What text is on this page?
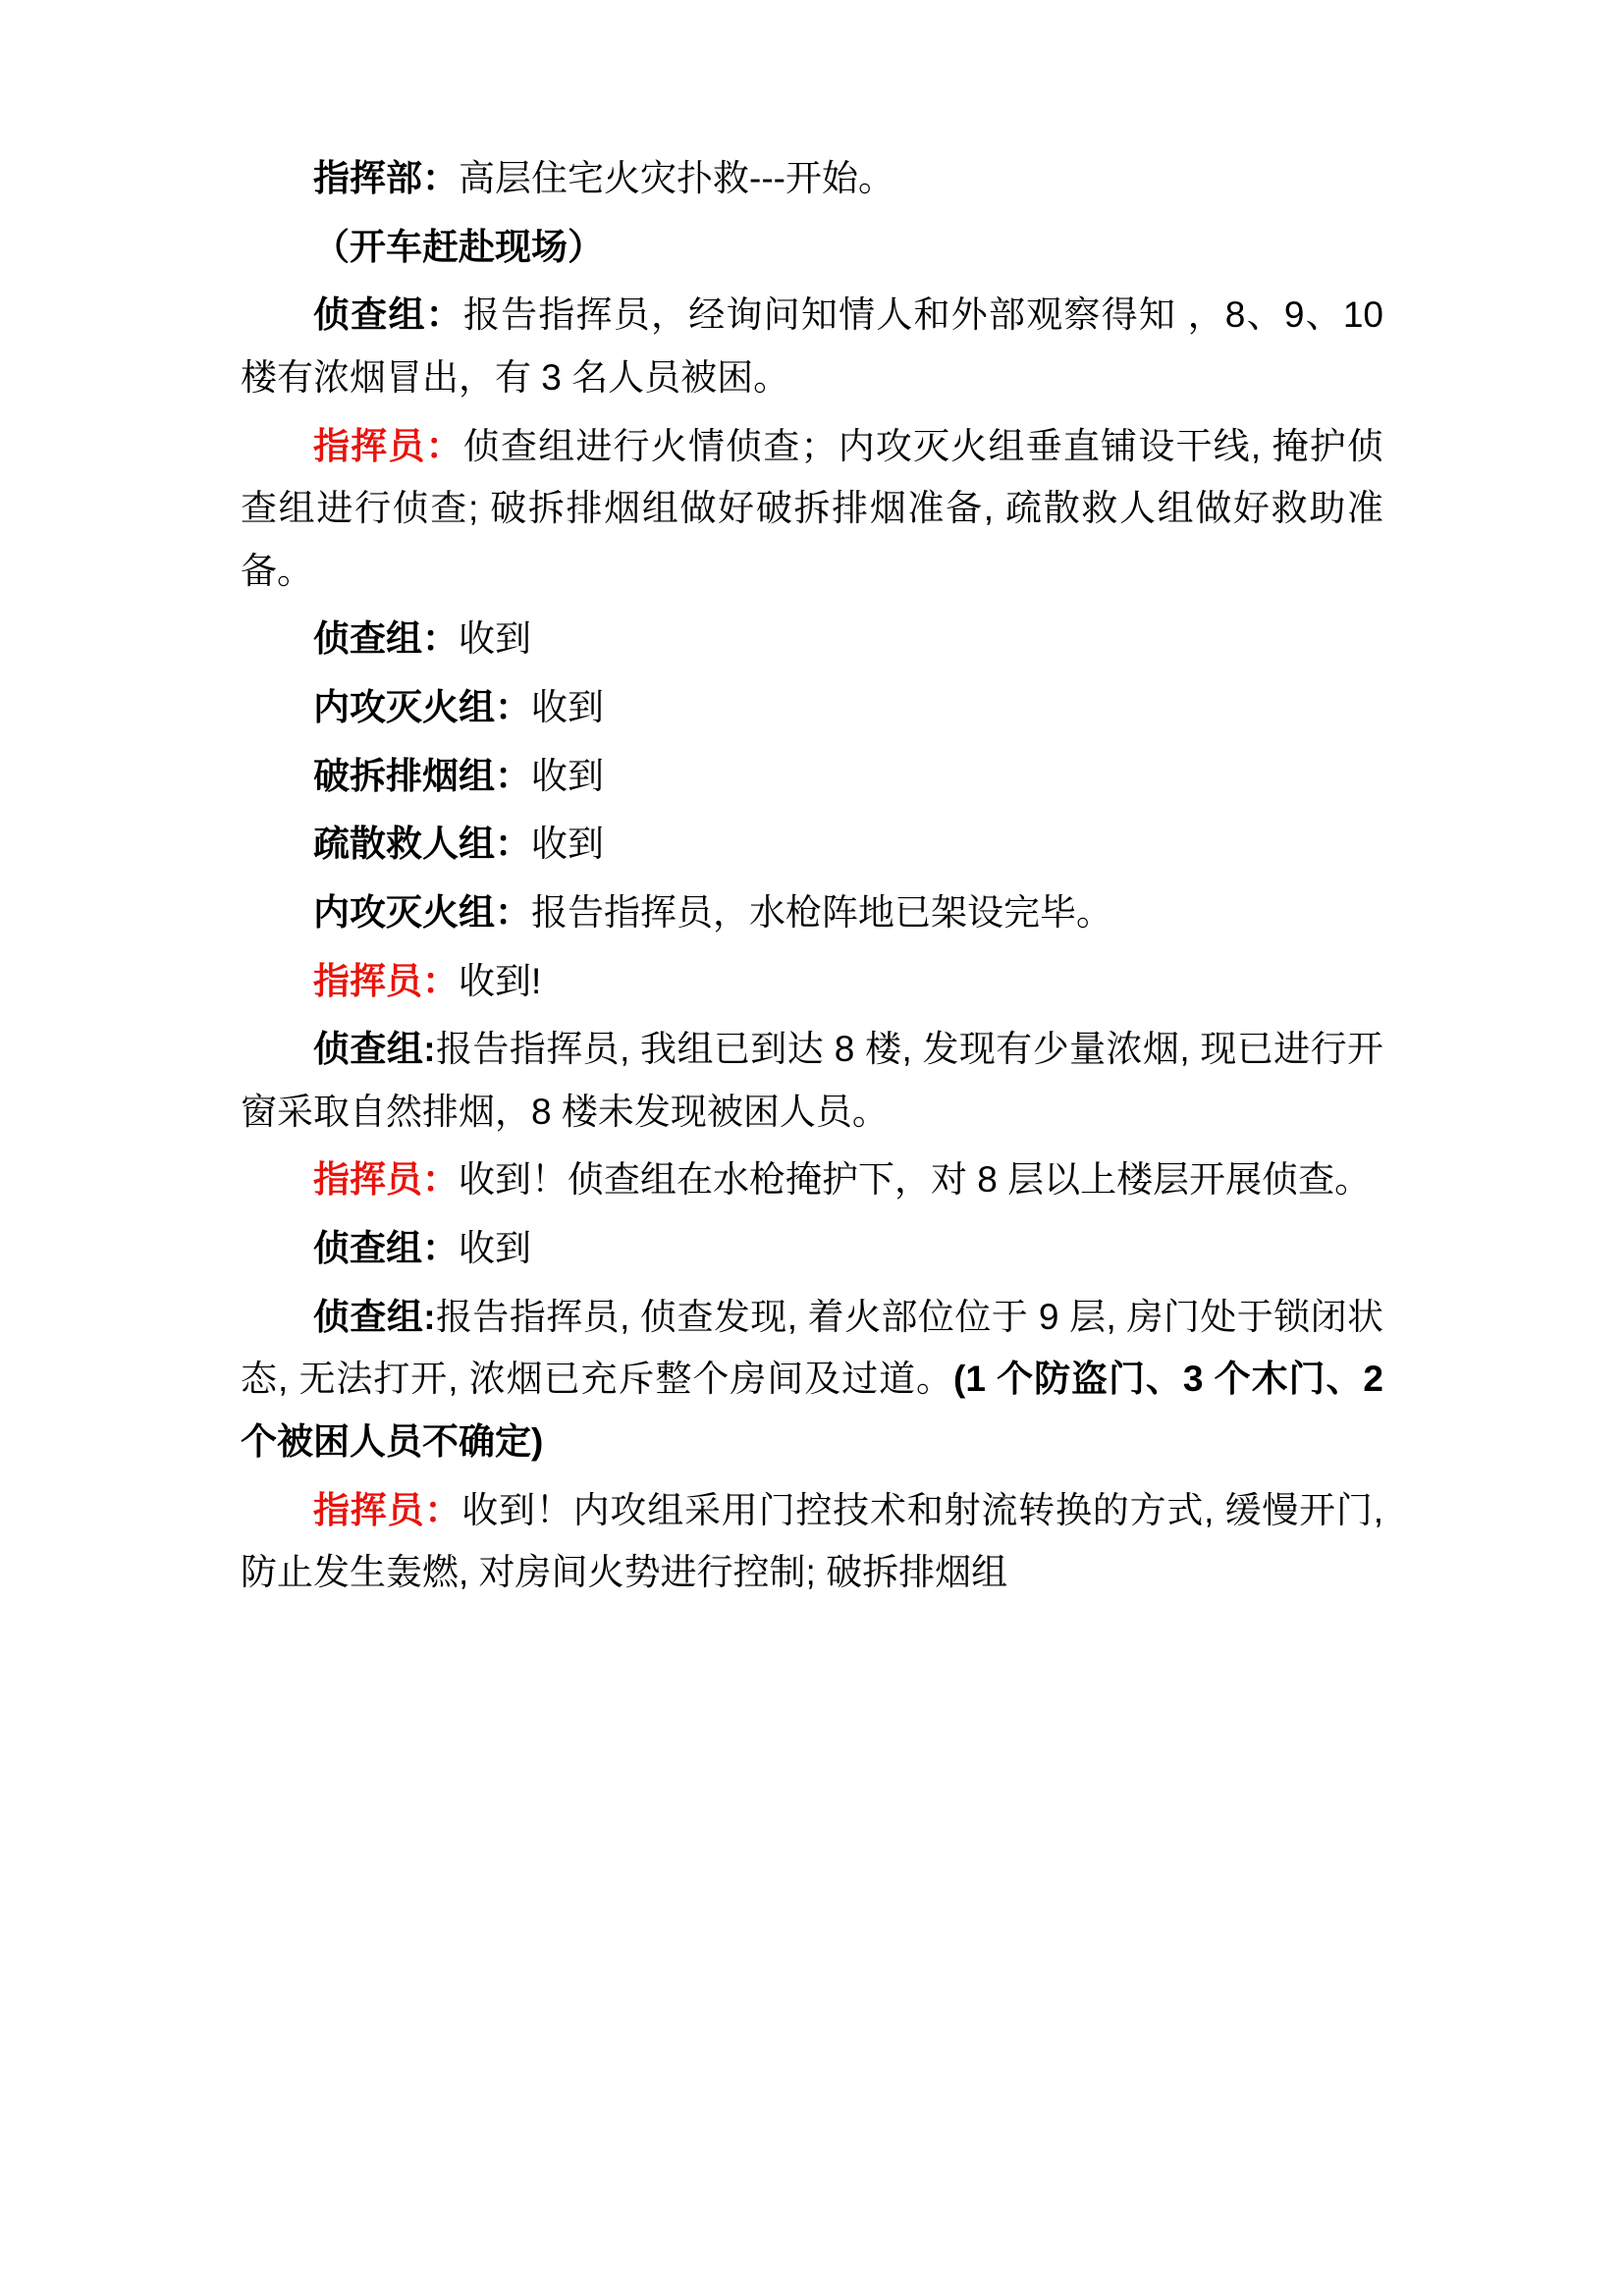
指挥部：高层住宅火灾扑救---开始。

（开车赶赴现场）

侦查组：报告指挥员，经询问知情人和外部观察得知 ，8、9、10 楼有浓烟冒出，有 3 名人员被困。

指挥员：侦查组进行火情侦查；内攻灭火组垂直铺设干线, 掩护侦查组进行侦查; 破拆排烟组做好破拆排烟准备, 疏散救人组做好救助准备。

侦查组：收到

内攻灭火组：收到

破拆排烟组：收到

疏散救人组：收到

内攻灭火组：报告指挥员，水枪阵地已架设完毕。

指挥员：收到!

侦查组:报告指挥员, 我组已到达 8 楼, 发现有少量浓烟, 现已进行开窗采取自然排烟，8 楼未发现被困人员。

指挥员：收到！侦查组在水枪掩护下，对 8 层以上楼层开展侦查。

侦查组：收到

侦查组:报告指挥员, 侦查发现, 着火部位位于 9 层, 房门处于锁闭状态, 无法打开, 浓烟已充斥整个房间及过道。(1 个防盗门、3 个木门、2 个被困人员不确定)

指挥员：收到！内攻组采用门控技术和射流转换的方式, 缓慢开门, 防止发生轰燃, 对房间火势进行控制; 破拆排烟组
